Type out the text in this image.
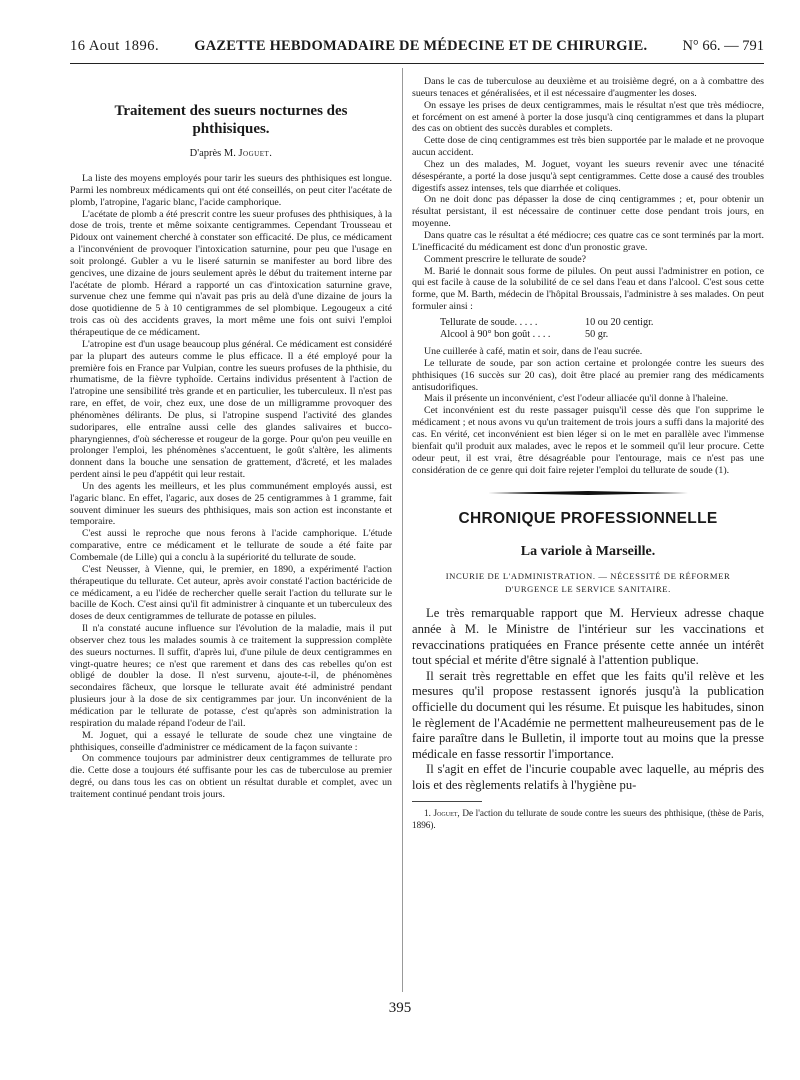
16 Aout 1896. GAZETTE HEBDOMADAIRE DE MÉDECINE ET DE CHIRURGIE. N° 66. — 791
Traitement des sueurs nocturnes des phthisiques.
D'après M. Joguet.

La liste des moyens employés pour tarir les sueurs des phthisiques est longue. Parmi les nombreux médicaments qui ont été conseillés, on peut citer l'acétate de plomb, l'atropine, l'agaric blanc, l'acide camphorique.

L'acétate de plomb a été prescrit contre les sueur profuses des phthisiques, à la dose de trois, trente et même soixante centigrammes. Cependant Trousseau et Pidoux ont vainement cherché à constater son efficacité. De plus, ce médicament a l'inconvénient de provoquer l'intoxication saturnine, pour peu que l'usage en soit prolongé. Gubler a vu le liseré saturnin se manifester au bord libre des gencives, une dizaine de jours seulement après le début du traitement interne par l'acétate de plomb. Hérard a rapporté un cas d'intoxication saturnine grave, survenue chez une femme qui n'avait pas pris au delà d'une dizaine de jours la dose quotidienne de 5 à 10 centigrammes de sel plombique. Legougeux a cité trois cas où des accidents graves, la mort même une fois ont suivi l'emploi thérapeutique de ce médicament.

L'atropine est d'un usage beaucoup plus général. Ce médicament est considéré par la plupart des auteurs comme le plus efficace. Il a été employé pour la première fois en France par Vulpian, contre les sueurs profuses de la phthisie, du rhumatisme, de la fièvre typhoïde. Certains individus présentent à l'action de l'atropine une sensibilité très grande et en particulier, les tuberculeux. Il n'est pas rare, en effet, de voir, chez eux, une dose de un milligramme provoquer des phénomènes délirants. De plus, si l'atropine suspend l'activité des glandes sudoripares, elle entraîne aussi celle des glandes salivaires et bucco-pharyngiennes, d'où sécheresse et rougeur de la gorge. Pour qu'on peu veuille en prolonger l'emploi, les phénomènes s'accentuent, le goût s'altère, les aliments donnent dans la bouche une sensation de grattement, d'âcreté, et les malades perdent ainsi le peu d'appétit qui leur restait.

Un des agents les meilleurs, et les plus communément employés aussi, est l'agaric blanc. En effet, l'agaric, aux doses de 25 centigrammes à 1 gramme, fait souvent diminuer les sueurs des phthisiques, mais son action est inconstante et temporaire.

C'est aussi le reproche que nous ferons à l'acide camphorique. L'étude comparative, entre ce médicament et le tellurate de soude a été faite par Combemale (de Lille) qui a conclu à la supériorité du tellurate de soude.

C'est Neusser, à Vienne, qui, le premier, en 1890, a expérimenté l'action thérapeutique du tellurate. Cet auteur, après avoir constaté l'action bactéricide de ce médicament, a eu l'idée de rechercher quelle serait l'action du tellurate sur le bacille de Koch. C'est ainsi qu'il fit administrer à cinquante et un tuberculeux des doses de deux centigrammes de tellurate de potasse en pilules.

Il n'a constaté aucune influence sur l'évolution de la maladie, mais il put observer chez tous les malades soumis à ce traitement la suppression complète des sueurs nocturnes. Il suffit, d'après lui, d'une pilule de deux centigrammes en vingt-quatre heures; ce n'est que rarement et dans des cas rebelles qu'on est obligé de doubler la dose. Il n'est survenu, ajoute-t-il, de phénomènes secondaires fâcheux, que lorsque le tellurate avait été administré pendant plusieurs jour à la dose de six centigrammes par jour. Un inconvénient de la médication par le tellurate de potasse, c'est qu'après son administration la respiration du malade répand l'odeur de l'ail.

M. Joguet, qui a essayé le tellurate de soude chez une vingtaine de phthisiques, conseille d'administrer ce médicament de la façon suivante :

On commence toujours par administrer deux centigrammes de tellurate pro die. Cette dose a toujours été suffisante pour les cas de tuberculose au premier degré, ou dans tous les cas on obtient un résultat durable et complet, avec un traitement continué pendant trois jours.

Dans le cas de tuberculose au deuxième et au troisième degré, on a à combattre des sueurs tenaces et généralisées, et il est nécessaire d'augmenter les doses.

On essaye les prises de deux centigrammes, mais le résultat n'est que très médiocre, et forcément on est amené à porter la dose jusqu'à cinq centigrammes et dans la plupart des cas on obtient des succès durables et complets.

Cette dose de cinq centigrammes est très bien supportée par le malade et ne provoque aucun accident.

Chez un des malades, M. Joguet, voyant les sueurs revenir avec une ténacité désespérante, a porté la dose jusqu'à sept centigrammes. Cette dose a causé des troubles digestifs assez intenses, tels que diarrhée et coliques.

On ne doit donc pas dépasser la dose de cinq centigrammes ; et, pour obtenir un résultat persistant, il est nécessaire de continuer cette dose pendant trois jours, en moyenne.

Dans quatre cas le résultat a été médiocre; ces quatre cas ce sont terminés par la mort. L'inefficacité du médicament est donc d'un pronostic grave.

Comment prescrire le tellurate de soude?

M. Barié le donnait sous forme de pilules. On peut aussi l'administrer en potion, ce qui est facile à cause de la solubilité de ce sel dans l'eau et dans l'alcool. C'est sous cette forme, que M. Barth, médecin de l'hôpital Broussais, l'administre à ses malades. On peut formuler ainsi :

Tellurate de soude. . . . .	10 ou 20 centigr.
Alcool à 90° bon goût . . . .	50 gr.

Une cuillerée à café, matin et soir, dans de l'eau sucrée.

Le tellurate de soude, par son action certaine et prolongée contre les sueurs des phthisiques (16 succès sur 20 cas), doit être placé au premier rang des médicaments antisudorifiques.

Mais il présente un inconvénient, c'est l'odeur alliacée qu'il donne à l'haleine.

Cet inconvénient est du reste passager puisqu'il cesse dès que l'on supprime le médicament ; et nous avons vu qu'un traitement de trois jours a suffi dans la majorité des cas. En vérité, cet inconvénient est bien léger si on le met en parallèle avec l'immense bienfait qu'il produit aux malades, avec le repos et le sommeil qu'il leur procure. Cette odeur peut, il est vrai, être désagréable pour l'entourage, mais ce n'est pas une considération de ce genre qui doit faire rejeter l'emploi du tellurate de soude (1).

CHRONIQUE PROFESSIONNELLE
La variole à Marseille.
INCURIE DE L'ADMINISTRATION. — NÉCESSITÉ DE RÉFORMER
D'URGENCE LE SERVICE SANITAIRE.

Le très remarquable rapport que M. Hervieux adresse chaque année à M. le Ministre de l'intérieur sur les vaccinations et revaccinations pratiquées en France présente cette année un intérêt tout spécial et mérite d'être signalé à l'attention publique.

Il serait très regrettable en effet que les faits qu'il relève et les mesures qu'il propose restassent ignorés jusqu'à la publication officielle du document qui les résume. Et puisque les habitudes, sinon le règlement de l'Académie ne permettent malheureusement pas de le faire paraître dans le Bulletin, il importe tout au moins que la presse médicale en fasse ressortir l'importance.

Il s'agit en effet de l'incurie coupable avec laquelle, au mépris des lois et des règlements relatifs à l'hygiène pu-

1. Joguet, De l'action du tellurate de soude contre les sueurs des phthisique, (thèse de Paris, 1896).

395
